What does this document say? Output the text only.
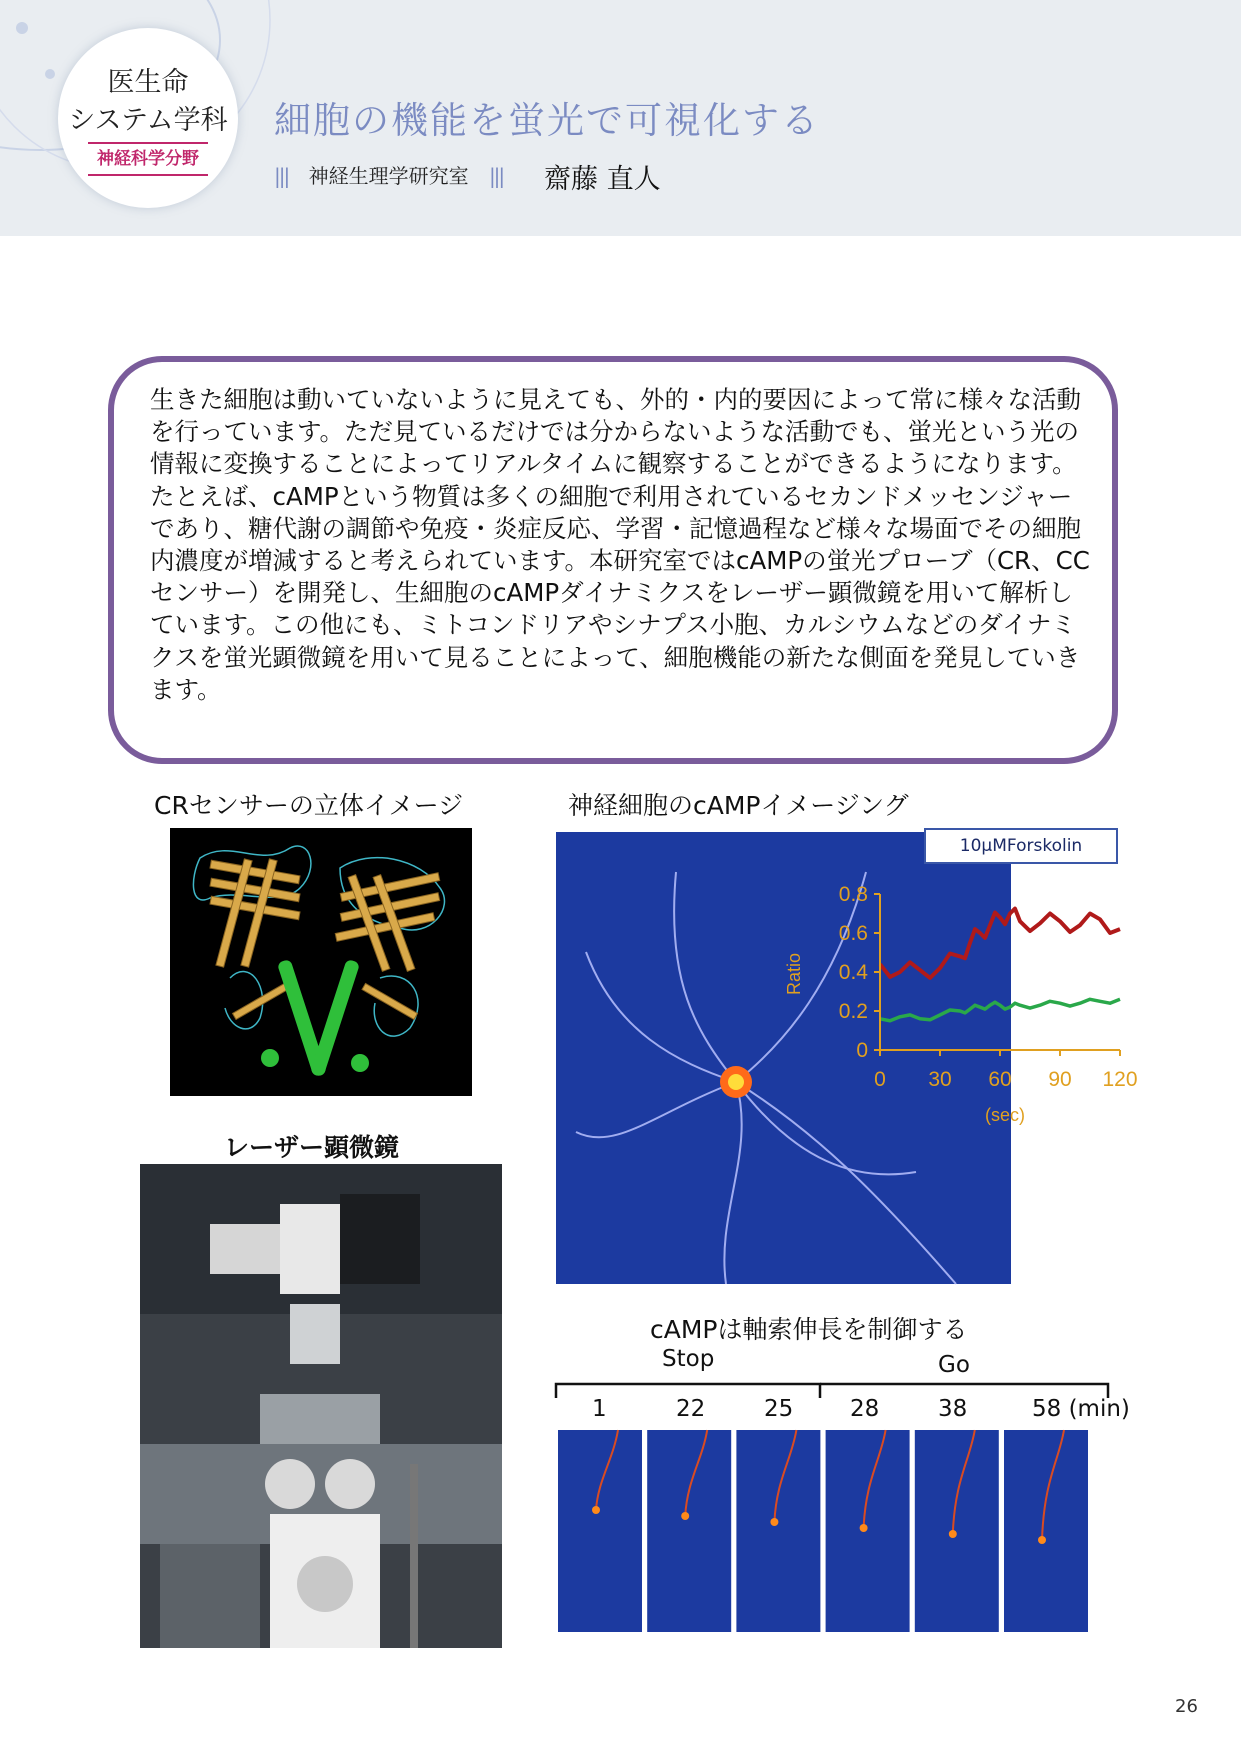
医生命
システム学科
神経科学分野
細胞の機能を蛍光で可視化する
||| 神経生理学研究室 ||| 齋藤 直人
生きた細胞は動いていないように見えても、外的・内的要因によって常に様々な活動を行っています。ただ見ているだけでは分からないような活動でも、蛍光という光の情報に変換することによってリアルタイムに観察することができるようになります。たとえば、cAMPという物質は多くの細胞で利用されているセカンドメッセンジャーであり、糖代謝の調節や免疫・炎症反応、学習・記憶過程など様々な場面でその細胞内濃度が増減すると考えられています。本研究室ではcAMPの蛍光プローブ（CR、CCセンサー）を開発し、生細胞のcAMPダイナミクスをレーザー顕微鏡を用いて解析しています。この他にも、ミトコンドリアやシナプス小胞、カルシウムなどのダイナミクスを蛍光顕微鏡を用いて見ることによって、細胞機能の新たな側面を発見していきます。
CRセンサーの立体イメージ	神経細胞のcAMPイメージング
レーザー顕微鏡
cAMPは軸索伸長を制御する
0
0.2
0.4
0.6
0.8
0 30 60 90 120
Ratio
(sec)
10μMForskolin
Stop	Go
1	22	25 28	38	58 (min)
26
